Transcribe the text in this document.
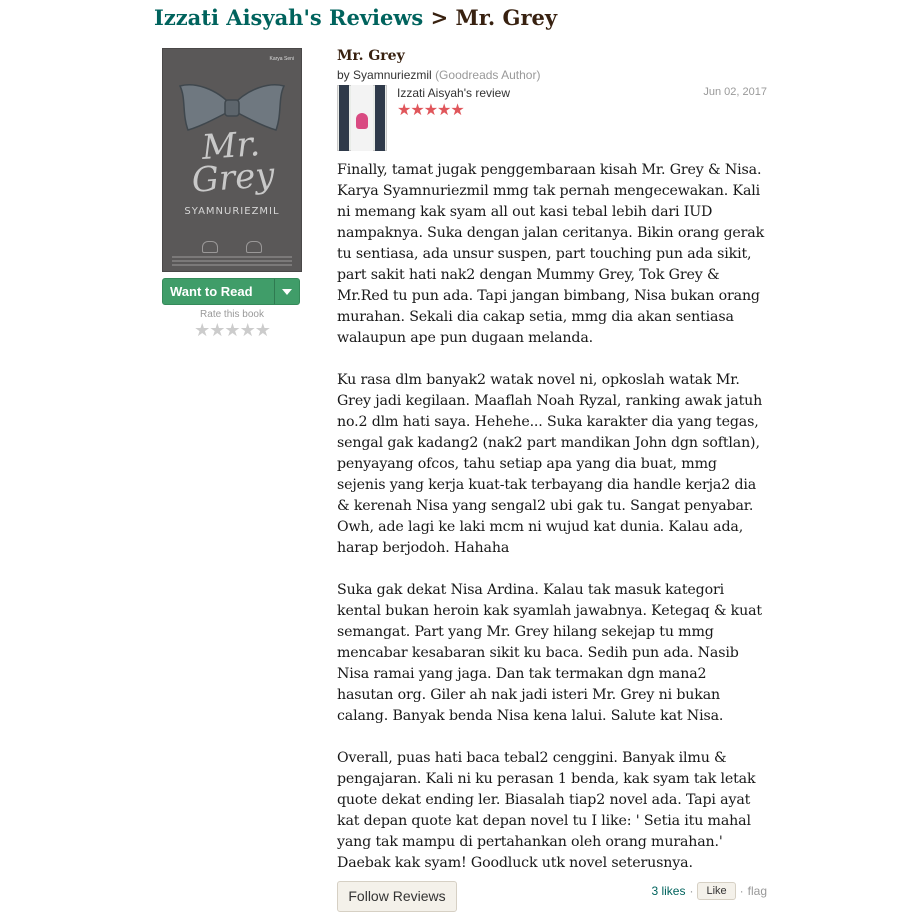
Izzati Aisyah's Reviews > Mr. Grey
Karya Seni
Mr. Grey
SYAMNURIEZMIL
Want to Read
Rate this book
★★★★★
Mr. Grey
by Syamnuriezmil (Goodreads Author)
Izzati Aisyah's review
★★★★★
Jun 02, 2017

Finally, tamat jugak penggembaraan kisah Mr. Grey & Nisa. Karya Syamnuriezmil mmg tak pernah mengecewakan. Kali ni memang kak syam all out kasi tebal lebih dari IUD nampaknya. Suka dengan jalan ceritanya. Bikin orang gerak tu sentiasa, ada unsur suspen, part touching pun ada sikit, part sakit hati nak2 dengan Mummy Grey, Tok Grey & Mr.Red tu pun ada. Tapi jangan bimbang, Nisa bukan orang murahan. Sekali dia cakap setia, mmg dia akan sentiasa walaupun ape pun dugaan melanda.

Ku rasa dlm banyak2 watak novel ni, opkoslah watak Mr. Grey jadi kegilaan. Maaflah Noah Ryzal, ranking awak jatuh no.2 dlm hati saya. Hehehe... Suka karakter dia yang tegas, sengal gak kadang2 (nak2 part mandikan John dgn softlan), penyayang ofcos, tahu setiap apa yang dia buat, mmg sejenis yang kerja kuat-tak terbayang dia handle kerja2 dia & kerenah Nisa yang sengal2 ubi gak tu. Sangat penyabar. Owh, ade lagi ke laki mcm ni wujud kat dunia. Kalau ada, harap berjodoh. Hahaha

Suka gak dekat Nisa Ardina. Kalau tak masuk kategori kental bukan heroin kak syamlah jawabnya. Ketegaq & kuat semangat. Part yang Mr. Grey hilang sekejap tu mmg mencabar kesabaran sikit ku baca. Sedih pun ada. Nasib Nisa ramai yang jaga. Dan tak termakan dgn mana2 hasutan org. Giler ah nak jadi isteri Mr. Grey ni bukan calang. Banyak benda Nisa kena lalui. Salute kat Nisa.

Overall, puas hati baca tebal2 cenggini. Banyak ilmu & pengajaran. Kali ni ku perasan 1 benda, kak syam tak letak quote dekat ending ler. Biasalah tiap2 novel ada. Tapi ayat kat depan quote kat depan novel tu I like: ' Setia itu mahal yang tak mampu di pertahankan oleh orang murahan.' Daebak kak syam! Goodluck utk novel seterusnya.

Follow Reviews	3 likes ·	Like	· flag
